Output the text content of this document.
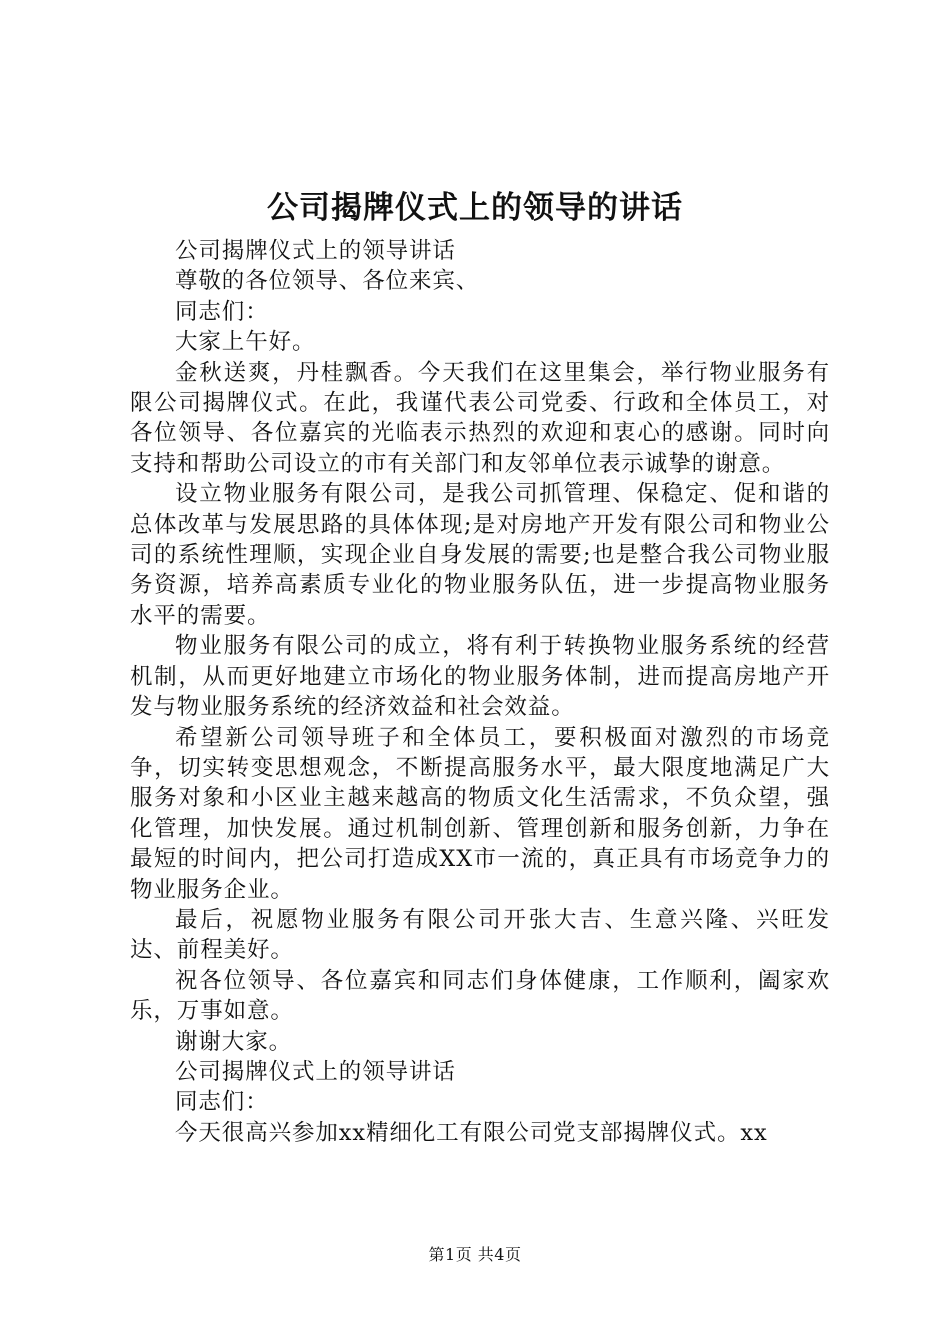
公司揭牌仪式上的领导的讲话

公司揭牌仪式上的领导讲话

尊敬的各位领导、各位来宾、

同志们：

大家上午好。

金秋送爽，丹桂飘香。今天我们在这里集会，举行物业服务有限公司揭牌仪式。在此，我谨代表公司党委、行政和全体员工，对各位领导、各位嘉宾的光临表示热烈的欢迎和衷心的感谢。同时向支持和帮助公司设立的市有关部门和友邻单位表示诚挚的谢意。

设立物业服务有限公司，是我公司抓管理、保稳定、促和谐的总体改革与发展思路的具体体现;是对房地产开发有限公司和物业公司的系统性理顺，实现企业自身发展的需要;也是整合我公司物业服务资源，培养高素质专业化的物业服务队伍，进一步提高物业服务水平的需要。

物业服务有限公司的成立，将有利于转换物业服务系统的经营机制，从而更好地建立市场化的物业服务体制，进而提高房地产开发与物业服务系统的经济效益和社会效益。

希望新公司领导班子和全体员工，要积极面对激烈的市场竞争，切实转变思想观念，不断提高服务水平，最大限度地满足广大服务对象和小区业主越来越高的物质文化生活需求，不负众望，强化管理，加快发展。通过机制创新、管理创新和服务创新，力争在最短的时间内，把公司打造成XX市一流的，真正具有市场竞争力的物业服务企业。

最后，祝愿物业服务有限公司开张大吉、生意兴隆、兴旺发达、前程美好。

祝各位领导、各位嘉宾和同志们身体健康，工作顺利，阖家欢乐，万事如意。

谢谢大家。

公司揭牌仪式上的领导讲话

同志们：

今天很高兴参加xx精细化工有限公司党支部揭牌仪式。xx

第1页 共4页
